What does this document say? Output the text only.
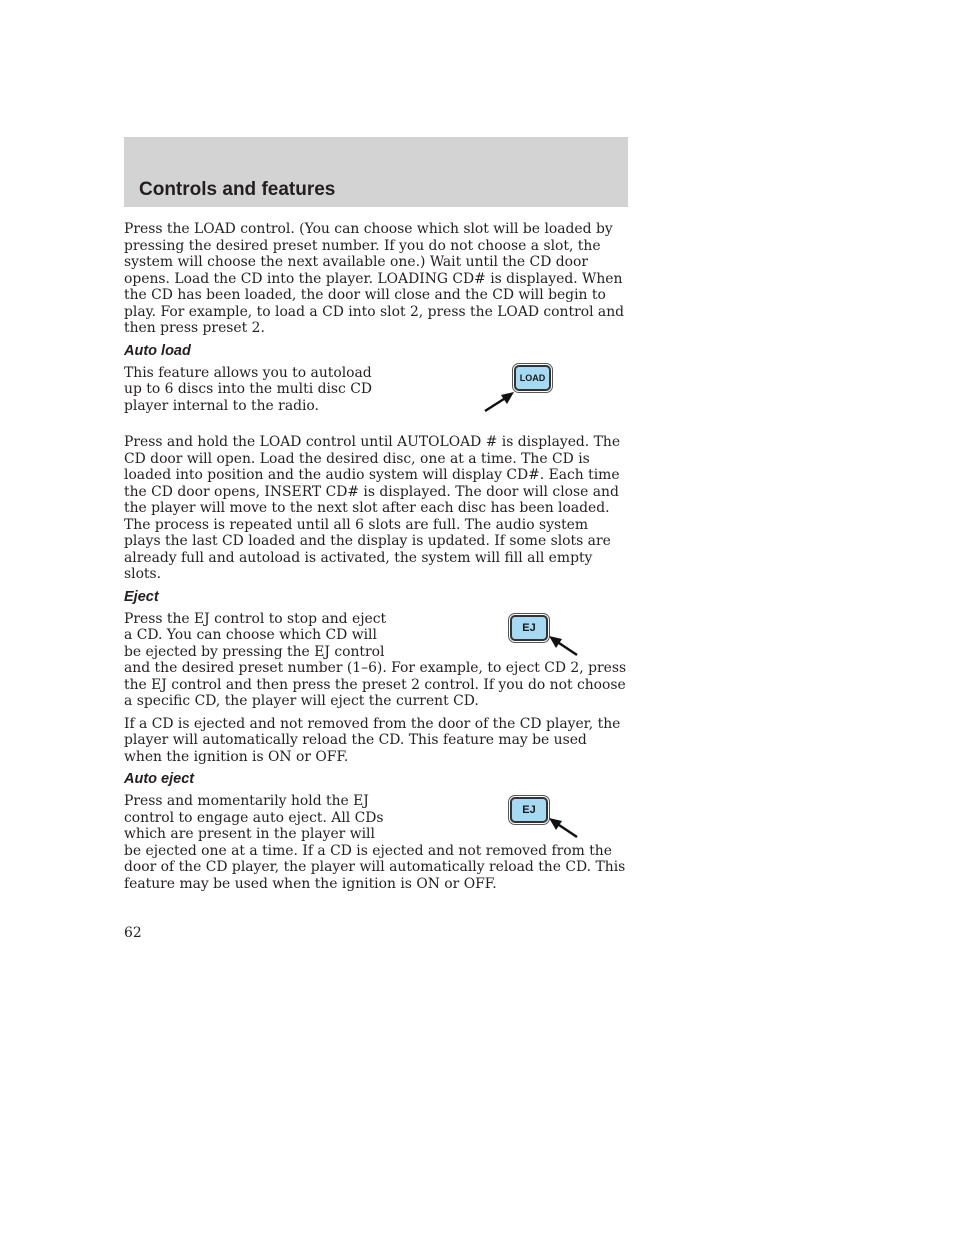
Controls and features

Press the LOAD control. (You can choose which slot will be loaded by pressing the desired preset number. If you do not choose a slot, the system will choose the next available one.) Wait until the CD door opens. Load the CD into the player. LOADING CD# is displayed. When the CD has been loaded, the door will close and the CD will begin to play. For example, to load a CD into slot 2, press the LOAD control and then press preset 2.

Auto load
LOAD

This feature allows you to autoload up to 6 discs into the multi disc CD player internal to the radio.

Press and hold the LOAD control until AUTOLOAD # is displayed. The CD door will open. Load the desired disc, one at a time. The CD is loaded into position and the audio system will display CD#. Each time the CD door opens, INSERT CD# is displayed. The door will close and the player will move to the next slot after each disc has been loaded. The process is repeated until all 6 slots are full. The audio system plays the last CD loaded and the display is updated. If some slots are already full and autoload is activated, the system will fill all empty slots.

Eject
EJ

Press the EJ control to stop and eject a CD. You can choose which CD will be ejected by pressing the EJ control and the desired preset number (1–6). For example, to eject CD 2, press the EJ control and then press the preset 2 control. If you do not choose a specific CD, the player will eject the current CD.

If a CD is ejected and not removed from the door of the CD player, the player will automatically reload the CD. This feature may be used when the ignition is ON or OFF.

Auto eject
EJ

Press and momentarily hold the EJ control to engage auto eject. All CDs which are present in the player will be ejected one at a time. If a CD is ejected and not removed from the door of the CD player, the player will automatically reload the CD. This feature may be used when the ignition is ON or OFF.

62
